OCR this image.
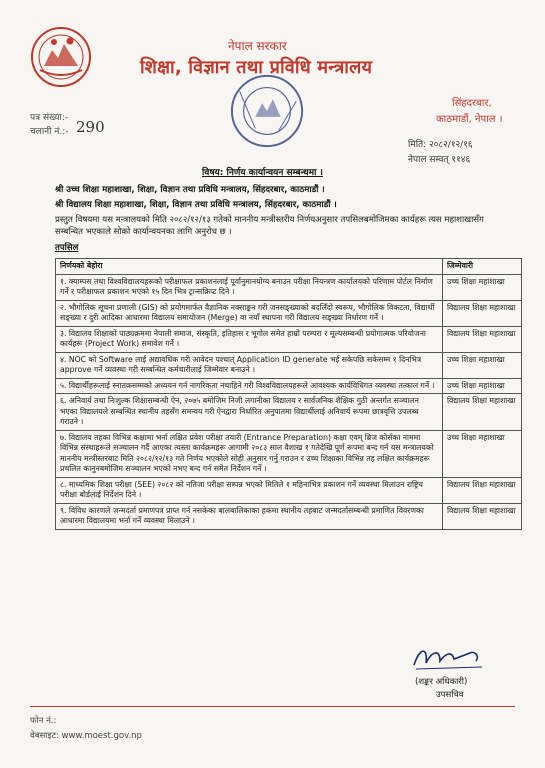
नेपाल सरकार
शिक्षा, विज्ञान तथा प्रविधि मन्त्रालय
पत्र संख्या:-
चलानी नं.:- 290
सिंहदरबार,
काठमाडौं, नेपाल ।
मिति: २०८२/१२/१६
नेपाल सम्वत् ११४६
विषय: निर्णय कार्यान्वयन सम्बन्धमा ।
श्री उच्च शिक्षा महाशाखा, शिक्षा, विज्ञान तथा प्रविधि मन्त्रालय, सिंहदरबार, काठमाडौं ।
श्री विद्यालय शिक्षा महाशाखा, शिक्षा, विज्ञान तथा प्रविधि मन्त्रालय, सिंहदरबार, काठमाडौं ।
प्रस्तुत विषयमा यस मन्त्रालयको मिति २०८२/१२/१३ गतेको माननीय मन्त्रीस्तरीय निर्णयअनुसार तपसिलबमोजिमका कार्यहरू त्यस महाशाखासँग सम्बन्धित भएकाले सोको कार्यान्वयनका लागि अनुरोध छ ।
तपसिल
निर्णयको बेहोरा	जिम्मेवारी
१. क्याम्पस तथा विश्वविद्यालयहरूको परीक्षाफल प्रकाशनलाई पूर्वानुमानयोग्य बनाउन परीक्षा नियन्त्रण कार्यालयको परिणाम पोर्टल निर्माण गर्ने र परीक्षाफल प्रकाशन भएको १५ दिन भित्र ट्रान्सक्रिप्ट दिने ।	उच्च शिक्षा महाशाखा
२. भौगोलिक सूचना प्रणाली (GIS) को प्रयोगमार्फत वैज्ञानिक नक्साङ्कन गरी जनसङ्ख्याको बदलिँदो स्वरूप, भौगोलिक विकटता, विद्यार्थी सङ्ख्या र दुरी आदिका आधारमा विद्यालय समायोजन (Merge) वा नयाँ स्थापना गरी विद्यालय सङ्ख्या निर्धारण गर्ने ।	विद्यालय शिक्षा महाशाखा
३. विद्यालय शिक्षाको पाठ्यक्रममा नेपाली समाज, संस्कृति, इतिहास र भूगोल समेत हाम्रो परम्परा र मूल्यसम्बन्धी प्रयोगात्मक परियोजना कार्यहरू (Project Work) समावेश गर्ने ।	विद्यालय शिक्षा महाशाखा
४. NOC को Software लाई अद्यावधिक गरी आवेदन पश्चात् Application ID generate भई सकेपछि सकेसम्म १ दिनभित्र approve गर्ने व्यवस्था गरी सम्बन्धित कर्मचारीलाई जिम्मेवार बनाउने ।	उच्च शिक्षा महाशाखा
५. विद्यार्थीहरूलाई स्नातकसम्मको अध्ययन गर्न नागरिकता नचाहिने गरी विश्वविद्यालयहरूले आवश्यक कार्यविधिगत व्यवस्था तत्काल गर्ने ।	उच्च शिक्षा महाशाखा
६. अनिवार्य तथा निःशुल्क शिक्षासम्बन्धी ऐन, २०७५ बमोजिम निजी लगानीका विद्यालय र सार्वजनिक शैक्षिक गुठी अन्तर्गत सञ्चालन भएका विद्यालयले सम्बन्धित स्थानीय तहसँग समन्वय गरी ऐनद्वारा निर्धारित अनुपातमा विद्यार्थीलाई अनिवार्य रूपमा छात्रवृत्ति उपलब्ध गराउने ।	विद्यालय शिक्षा महाशाखा
७. विद्यालय तहका विभिन्न कक्षामा भर्ना लक्षित प्रवेश परीक्षा तयारी (Entrance Preparation) कक्षा एवम् ब्रिज कोर्सका नाममा विभिन्न संस्थाहरूले सञ्चालन गर्दै आएका त्यस्ता कार्यक्रमहरू आगामी २०८३ साल वैशाख १ गतेदेखि पूर्ण रूपमा बन्द गर्न यस मन्त्रालयको माननीय मन्त्रीस्तरबाट मिति २०८२/१२/१३ गते निर्णय भएकोले सोही अनुसार गर्नु गराउन र उच्च शिक्षाका विभिन्न तह लक्षित कार्यक्रमहरू प्रचलित कानुनबमोजिम सञ्चालन भएको नभए बन्द गर्न समेत निर्देशन गर्ने ।	उच्च शिक्षा महाशाखा
८. माध्यमिक शिक्षा परीक्षा (SEE) २०८२ को नतिजा परीक्षा सम्पन्न भएको मितिले १ महिनाभित्र प्रकाशन गर्ने व्यवस्था मिलाउन राष्ट्रिय परीक्षा बोर्डलाई निर्देशन दिने ।	विद्यालय शिक्षा महाशाखा
९. विविध कारणले जन्मदर्ता प्रमाणपत्र प्राप्त गर्न नसकेका बालबालिकाका हकमा स्थानीय तहबाट जन्मदर्तासम्बन्धी प्रमाणित विवरणका आधारमा विद्यालयमा भर्ना गर्ने व्यवस्था मिलाउने ।	विद्यालय शिक्षा महाशाखा
(शङ्कर अधिकारी)
उपसचिव
फोन नं.:
वेबसाइट: www.moest.gov.np
